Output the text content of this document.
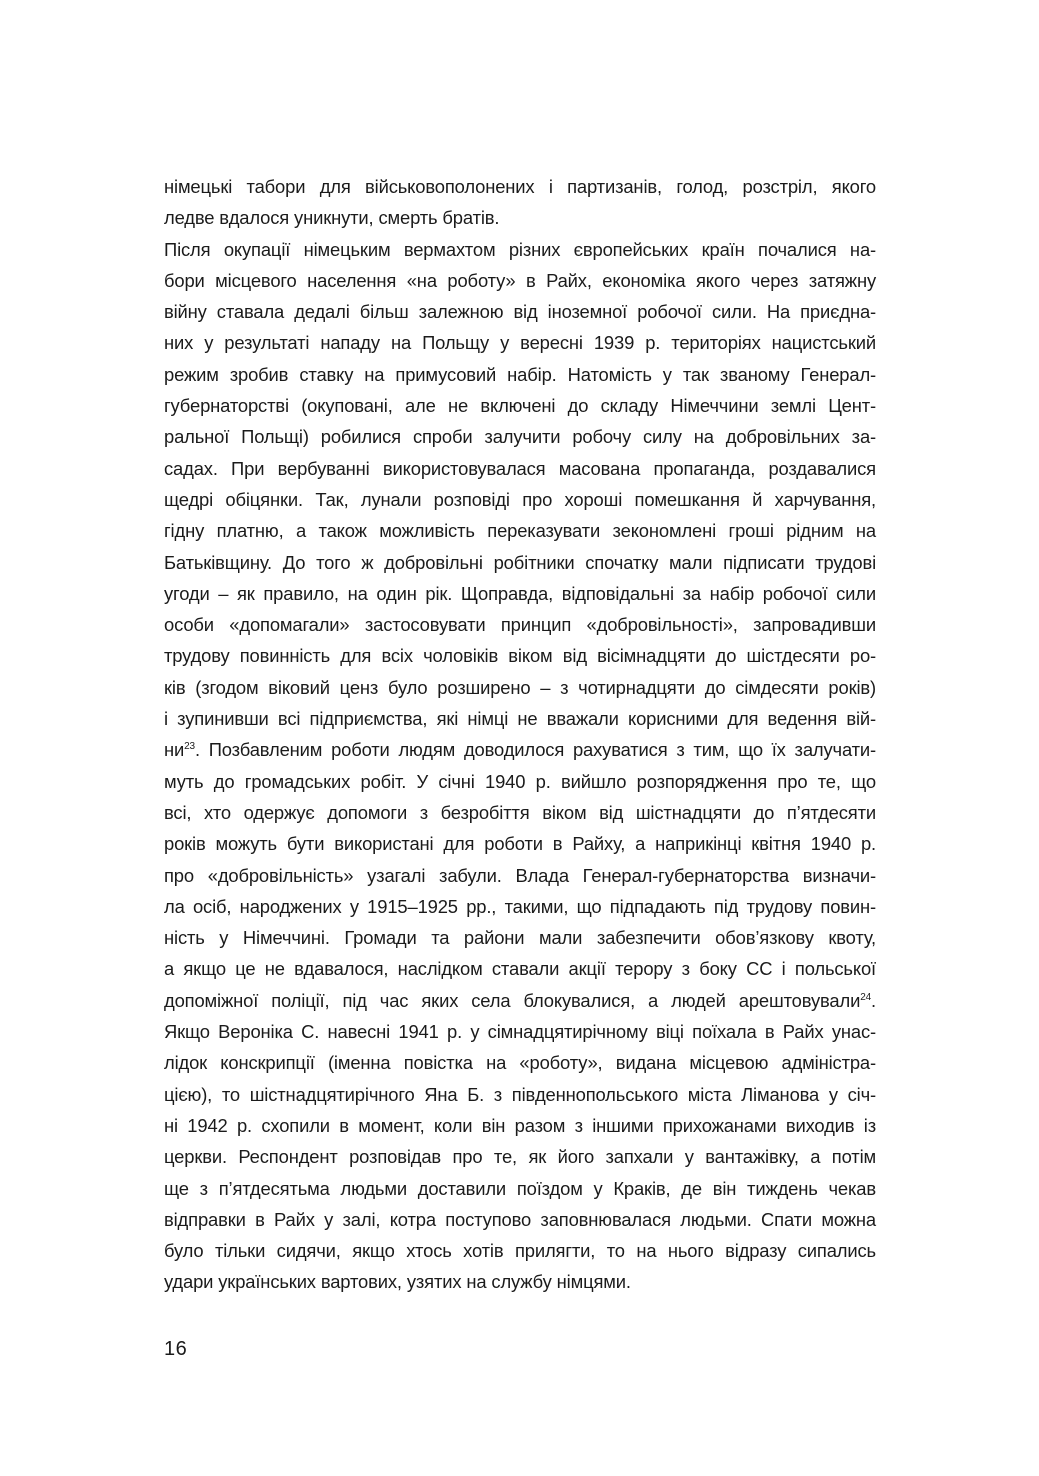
німецькі табори для військовополонених і партизанів, голод, розстріл, якого
ледве вдалося уникнути, смерть братів.
Після окупації німецьким вермахтом різних європейських країн почалися на-
бори місцевого населення «на роботу» в Райх, економіка якого через затяжну
війну ставала дедалі більш залежною від іноземної робочої сили. На приєдна-
них у результаті нападу на Польщу у вересні 1939 р. територіях нацистський
режим зробив ставку на примусовий набір. Натомість у так званому Генерал-
губернаторстві (окуповані, але не включені до складу Німеччини землі Цент-
ральної Польщі) робилися спроби залучити робочу силу на добровільних за-
садах. При вербуванні використовувалася масована пропаганда, роздавалися
щедрі обіцянки. Так, лунали розповіді про хороші помешкання й харчування,
гідну платню, а також можливість переказувати зекономлені гроші рідним на
Батьківщину. До того ж добровільні робітники спочатку мали підписати трудові
угоди – як правило, на один рік. Щоправда, відповідальні за набір робочої сили
особи «допомагали» застосовувати принцип «добровільності», запровадивши
трудову повинність для всіх чоловіків віком від вісімнадцяти до шістдесяти ро-
ків (згодом віковий ценз було розширено – з чотирнадцяти до сімдесяти років)
і зупинивши всі підприємства, які німці не вважали корисними для ведення вій-
$ни^{23}$. Позбавленим роботи людям доводилося рахуватися з тим, що їх залучати-
муть до громадських робіт. У січні 1940 р. вийшло розпорядження про те, що
всі, хто одержує допомоги з безробіття віком від шістнадцяти до п’ятдесяти
років можуть бути використані для роботи в Райху, а наприкінці квітня 1940 р.
про «добровільність» узагалі забули. Влада Генерал-губернаторства визначи-
ла осіб, народжених у 1915–1925 рр., такими, що підпадають під трудову повин-
ність у Німеччині. Громади та райони мали забезпечити обов’язкову квоту,
а якщо це не вдавалося, наслідком ставали акції терору з боку СС і польської
допоміжної поліції, під час яких села блокувалися, а людей арештовували$^{24}$.
Якщо Вероніка С. навесні 1941 р. у сімнадцятирічному віці поїхала в Райх унас-
лідок конскрипції (іменна повістка на «роботу», видана місцевою адміністра-
цією), то шістнадцятирічного Яна Б. з південнопольського міста Ліманова у січ-
ні 1942 р. схопили в момент, коли він разом з іншими прихожанами виходив із
церкви. Респондент розповідав про те, як його запхали у вантажівку, а потім
ще з п’ятдесятьма людьми доставили поїздом у Краків, де він тиждень чекав
відправки в Райх у залі, котра поступово заповнювалася людьми. Спати можна
було тільки сидячи, якщо хтось хотів прилягти, то на нього відразу сипались
удари українських вартових, узятих на службу німцями.
16
